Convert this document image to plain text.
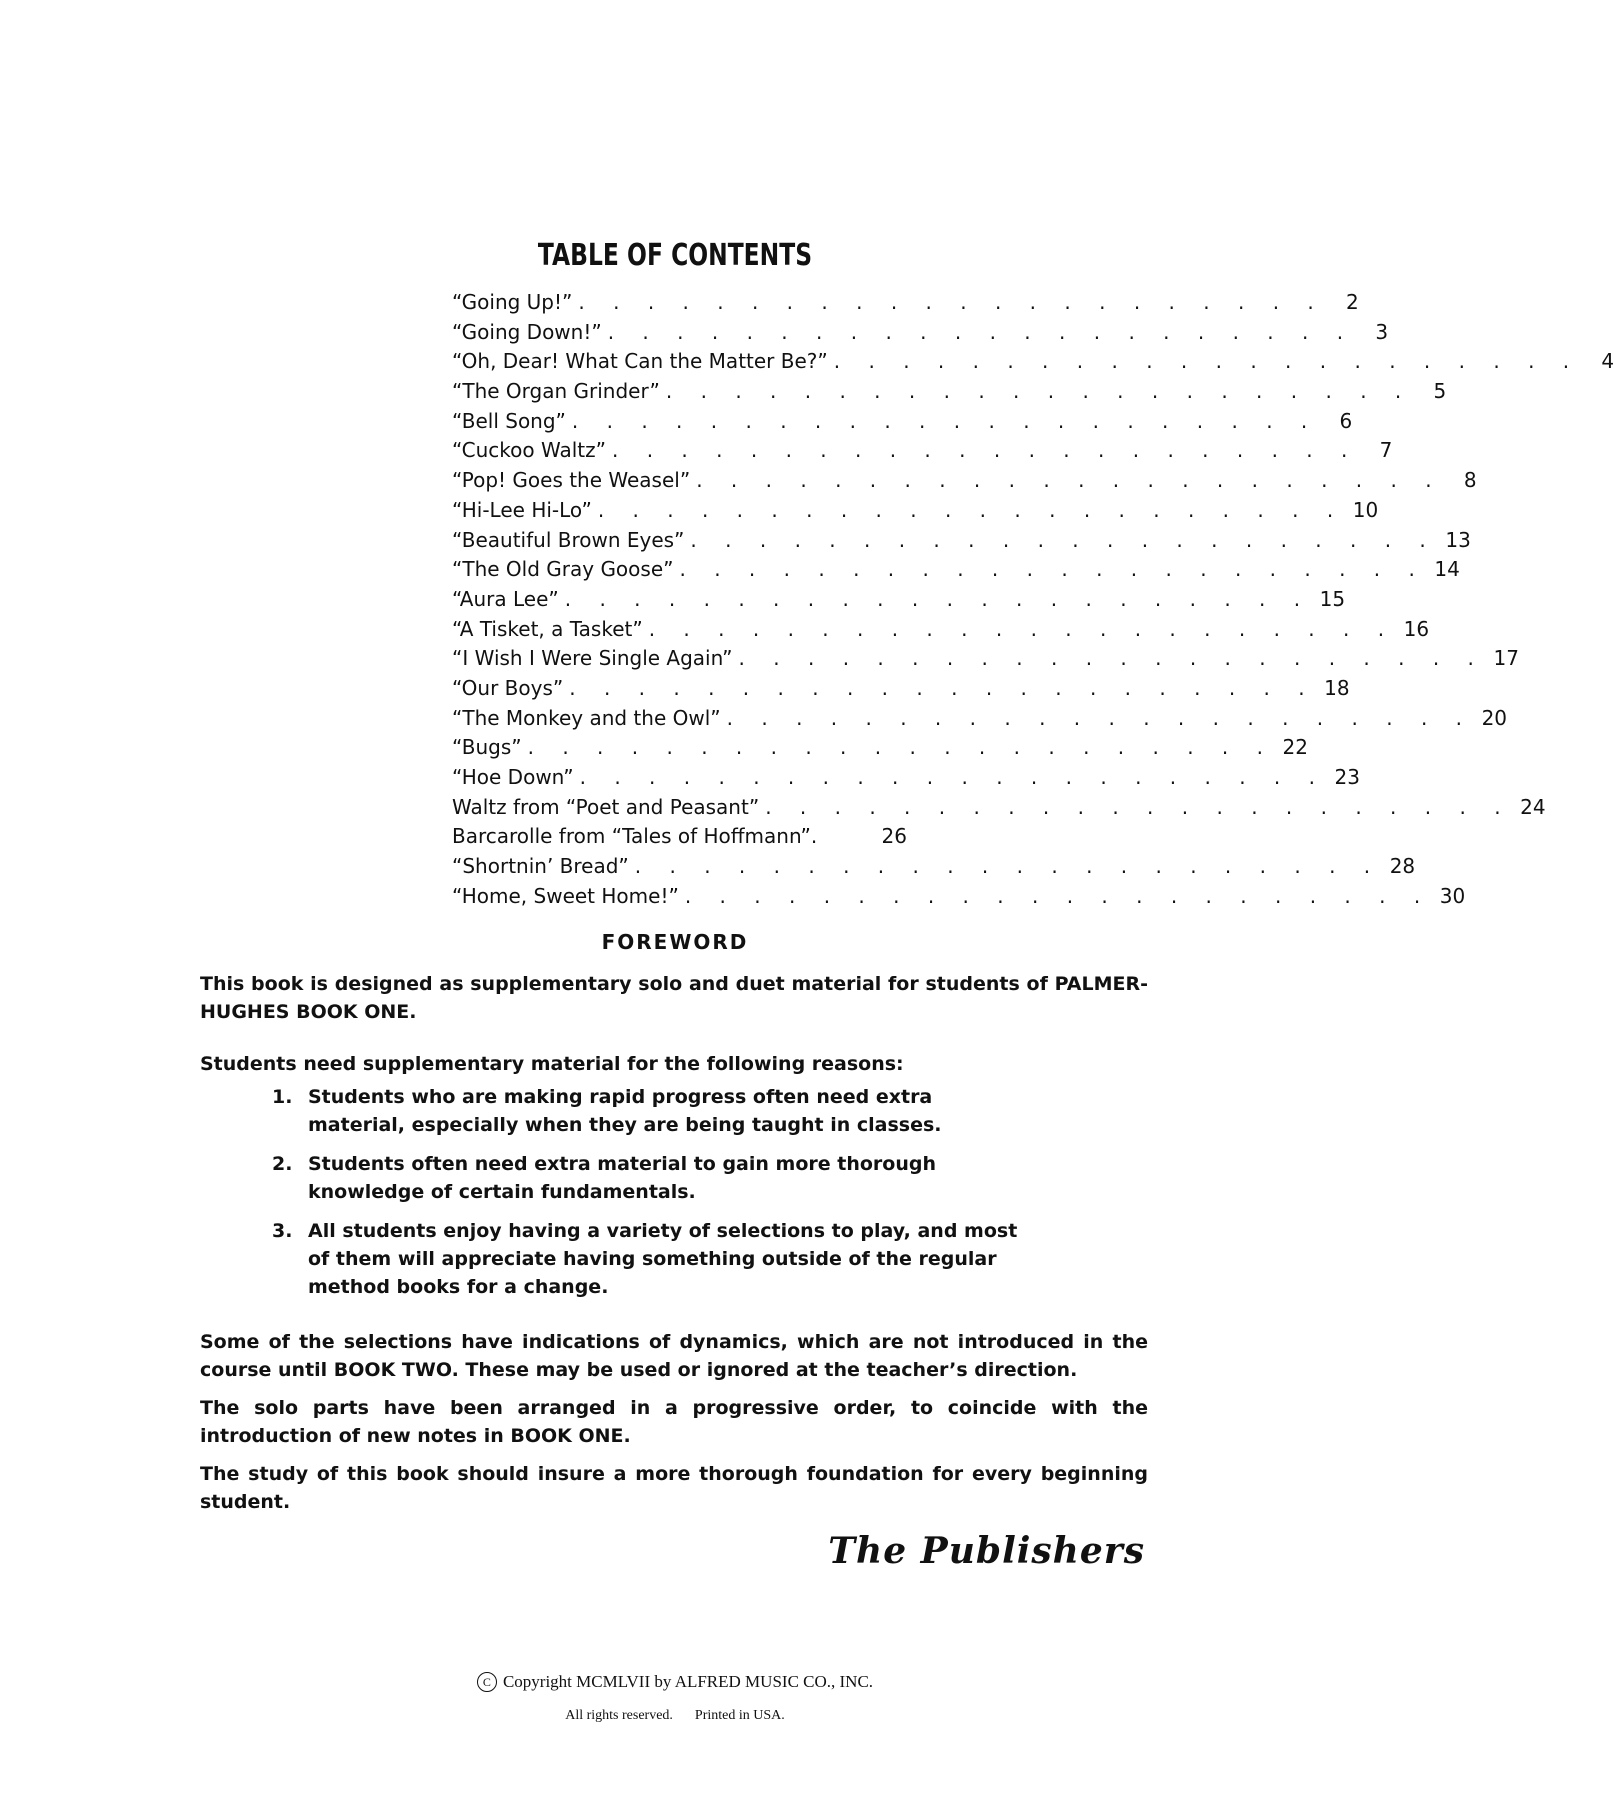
TABLE OF CONTENTS
“Going Up!” . . . . . . . . . . . . . . . . . . . . . .	2
“Going Down!” . . . . . . . . . . . . . . . . . . . . . .	3
“Oh, Dear! What Can the Matter Be?” . . . . . . . . . . . . . . . . . . . . . .	4
“The Organ Grinder” . . . . . . . . . . . . . . . . . . . . . .	5
“Bell Song” . . . . . . . . . . . . . . . . . . . . . .	6
“Cuckoo Waltz” . . . . . . . . . . . . . . . . . . . . . .	7
“Pop! Goes the Weasel” . . . . . . . . . . . . . . . . . . . . . .	8
“Hi-Lee Hi-Lo” . . . . . . . . . . . . . . . . . . . . . . 10
“Beautiful Brown Eyes” . . . . . . . . . . . . . . . . . . . . . . 13
“The Old Gray Goose” . . . . . . . . . . . . . . . . . . . . . . 14
“Aura Lee” . . . . . . . . . . . . . . . . . . . . . . 15
“A Tisket, a Tasket” . . . . . . . . . . . . . . . . . . . . . . 16
“I Wish I Were Single Again” . . . . . . . . . . . . . . . . . . . . . . 17
“Our Boys” . . . . . . . . . . . . . . . . . . . . . . 18
“The Monkey and the Owl” . . . . . . . . . . . . . . . . . . . . . . 20
“Bugs” . . . . . . . . . . . . . . . . . . . . . . 22
“Hoe Down” . . . . . . . . . . . . . . . . . . . . . . 23
Waltz from “Poet and Peasant” . . . . . . . . . . . . . . . . . . . . . . 24
Barcarolle from “Tales of Hoffmann”.	26
“Shortnin’ Bread” . . . . . . . . . . . . . . . . . . . . . . 28
“Home, Sweet Home!” . . . . . . . . . . . . . . . . . . . . . . 30
FOREWORD

This book is designed as supplementary solo and duet material for students of PALMER-HUGHES BOOK ONE.

Students need supplementary material for the following reasons:

1. Students who are making rapid progress often need extra material, especially when they are being taught in classes.

2. Students often need extra material to gain more thorough knowledge of certain fundamentals.

3. All students enjoy having a variety of selections to play, and most of them will appreciate having something outside of the regular method books for a change.

Some of the selections have indications of dynamics, which are not introduced in the course until BOOK TWO. These may be used or ignored at the teacher’s direction.

The solo parts have been arranged in a progressive order, to coincide with the introduction of new notes in BOOK ONE.

The study of this book should insure a more thorough foundation for every beginning student.

The Publishers
C Copyright MCMLVII by ALFRED MUSIC CO., INC.
All rights reserved. Printed in USA.
